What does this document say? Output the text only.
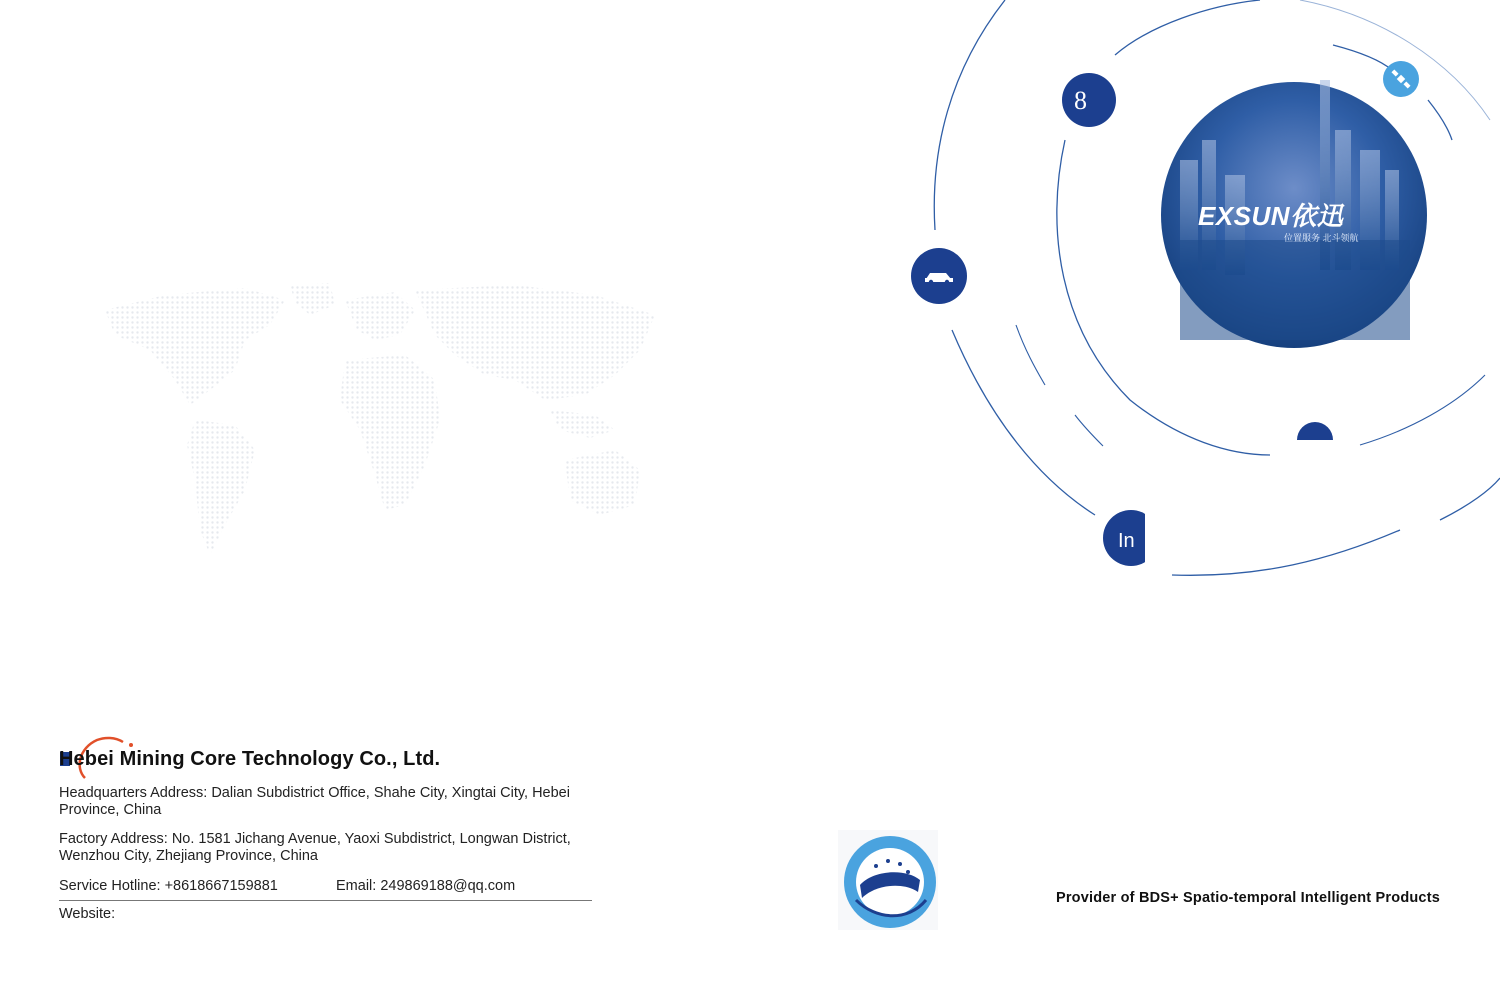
EXSUN依迅
位置服务 北斗领航
8
In
Hebei Mining Core Technology Co., Ltd.
Headquarters Address: Dalian Subdistrict Office, Shahe City, Xingtai City, Hebei Province, China
Factory Address: No. 1581 Jichang Avenue, Yaoxi Subdistrict, Longwan District, Wenzhou City, Zhejiang Province, China
Service Hotline: +8618667159881	Email: 249869188@qq.com
Website:
Provider of BDS+ Spatio-temporal Intelligent Products
